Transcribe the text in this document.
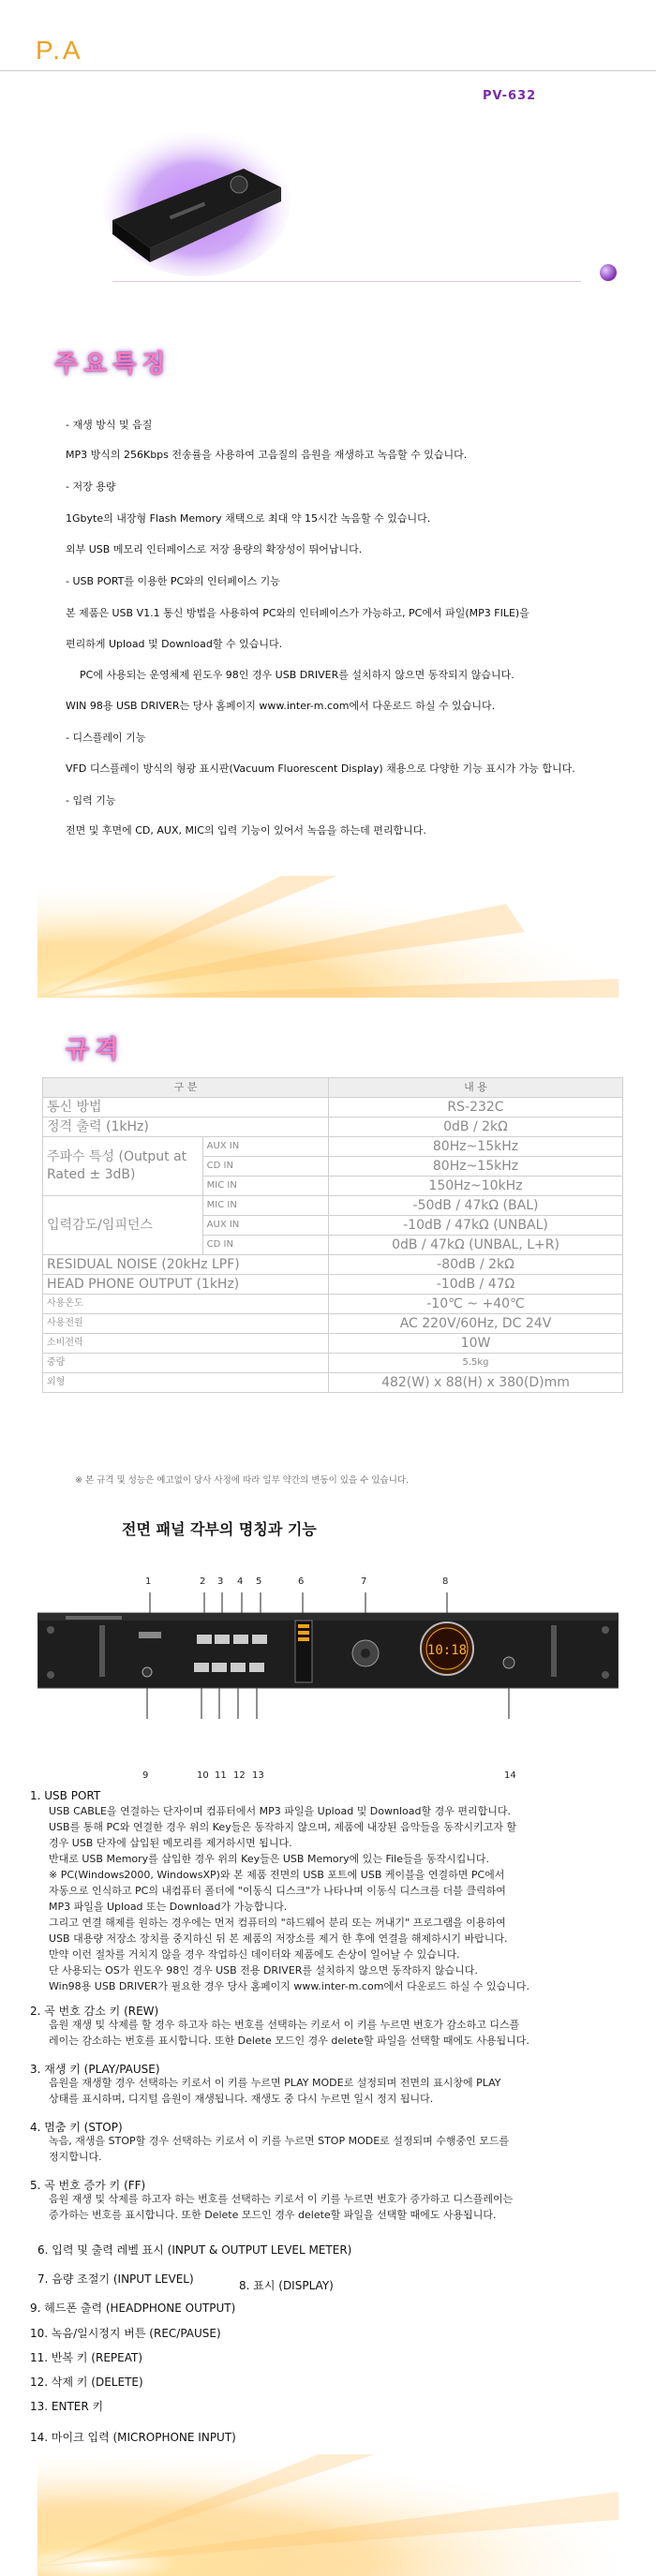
P.A
PV-632
주요특징
- 재생 방식 및 음질
MP3 방식의 256Kbps 전송률을 사용하여 고음질의 음원을 재생하고 녹음할 수 있습니다.
- 저장 용량
1Gbyte의 내장형 Flash Memory 채택으로 최대 약 15시간 녹음할 수 있습니다.
외부 USB 메모리 인터페이스로 저장 용량의 확장성이 뛰어납니다.
- USB PORT를 이용한 PC와의 인터페이스 기능
본 제품은 USB V1.1 통신 방법을 사용하여 PC와의 인터페이스가 가능하고, PC에서 파일(MP3 FILE)을
편리하게 Upload 및 Download할 수 있습니다.
PC에 사용되는 운영체제 윈도우 98인 경우 USB DRIVER를 설치하지 않으면 동작되지 않습니다.
WIN 98용 USB DRIVER는 당사 홈페이지 www.inter-m.com에서 다운로드 하실 수 있습니다.
- 디스플레이 기능
VFD 디스플레이 방식의 형광 표시판(Vacuum Fluorescent Display) 채용으로 다양한 기능 표시가 가능 합니다.
- 입력 기능
전면 및 후면에 CD, AUX, MIC의 입력 기능이 있어서 녹음을 하는데 편리합니다.
규격
구 분		내 용
통신 방법		RS-232C
정격 출력 (1kHz)		0dB / 2kΩ
주파수 특성 (Output at Rated ± 3dB)	AUX IN	80Hz~15kHz
	CD IN	80Hz~15kHz
	MIC IN	150Hz~10kHz
입력감도/임피던스	MIC IN	-50dB / 47kΩ (BAL)
	AUX IN	-10dB / 47kΩ (UNBAL)
	CD IN	0dB / 47kΩ (UNBAL, L+R)
RESIDUAL NOISE (20kHz LPF)		-80dB / 2kΩ
HEAD PHONE OUTPUT (1kHz)		-10dB / 47Ω
사용온도		-10℃ ~ +40℃
사용전원		AC 220V/60Hz, DC 24V
소비전력		10W
중량		5.5kg
외형		482(W) x 88(H) x 380(D)mm
※ 본 규격 및 성능은 예고없이 당사 사정에 따라 일부 약간의 변동이 있을 수 있습니다.
전면 패널 각부의 명칭과 기능
1	2 3 4 5	6	7	8
9	10 11 12 13	14
10:18
1. USB PORT
USB CABLE을 연결하는 단자이며 컴퓨터에서 MP3 파일을 Upload 및 Download할 경우 편리합니다.
USB를 통해 PC와 연결한 경우 위의 Key들은 동작하지 않으며, 제품에 내장된 음악들을 동작시키고자 할
경우 USB 단자에 삽입된 메모리를 제거하시면 됩니다.
반대로 USB Memory를 삽입한 경우 위의 Key들은 USB Memory에 있는 File들을 동작시킵니다.
※ PC(Windows2000, WindowsXP)와 본 제품 전면의 USB 포트에 USB 케이블을 연결하면 PC에서
자동으로 인식하고 PC의 내컴퓨터 폴더에 "이동식 디스크"가 나타나며 이동식 디스크를 더블 클릭하여
MP3 파일을 Upload 또는 Download가 가능합니다.
그리고 연결 해제를 원하는 경우에는 먼저 컴퓨터의 "하드웨어 분리 또는 꺼내기" 프로그램을 이용하여
USB 대용량 저장소 장치를 중지하신 뒤 본 제품의 저장소를 제거 한 후에 연결을 해제하시기 바랍니다.
만약 이런 절차를 거치지 않을 경우 작업하신 데이터와 제품에도 손상이 일어날 수 있습니다.
단 사용되는 OS가 윈도우 98인 경우 USB 전용 DRIVER를 설치하지 않으면 동작하지 않습니다.
Win98용 USB DRIVER가 필요한 경우 당사 홈페이지 www.inter-m.com에서 다운로드 하실 수 있습니다.
2. 곡 번호 감소 키 (REW)
음원 재생 및 삭제를 할 경우 하고자 하는 번호를 선택하는 키로서 이 키를 누르면 번호가 감소하고 디스플
레이는 감소하는 번호를 표시합니다. 또한 Delete 모드인 경우 delete할 파일을 선택할 때에도 사용됩니다.
3. 재생 키 (PLAY/PAUSE)
음원을 재생할 경우 선택하는 키로서 이 키를 누르면 PLAY MODE로 설정되며 전면의 표시창에 PLAY
상태를 표시하며, 디지털 음원이 재생됩니다. 재생도 중 다시 누르면 일시 정지 됩니다.
4. 멈춤 키 (STOP)
녹음, 재생을 STOP할 경우 선택하는 키로서 이 키를 누르면 STOP MODE로 설정되며 수행중인 모드를
정지합니다.
5. 곡 번호 증가 키 (FF)
음원 재생 및 삭제를 하고자 하는 번호를 선택하는 키로서 이 키를 누르면 번호가 증가하고 디스플레이는
증가하는 번호를 표시합니다. 또한 Delete 모드인 경우 delete할 파일을 선택할 때에도 사용됩니다.
6. 입력 및 출력 레벨 표시 (INPUT & OUTPUT LEVEL METER)
7. 음량 조절기 (INPUT LEVEL)	8. 표시 (DISPLAY)
9. 헤드폰 출력 (HEADPHONE OUTPUT)
10. 녹음/일시정지 버튼 (REC/PAUSE)
11. 반복 키 (REPEAT)
12. 삭제 키 (DELETE)
13. ENTER 키
14. 마이크 입력 (MICROPHONE INPUT)
